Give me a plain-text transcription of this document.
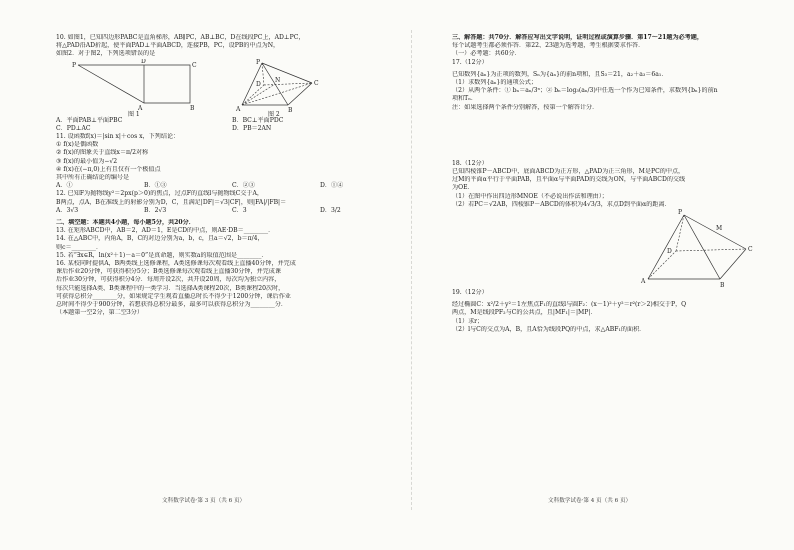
10. 如图1，已知四边形PABC是直角梯形，AB∥PC，AB⊥BC，D在线段PC上，AD⊥PC，
将△PAD沿AD折起，使平面PAD⊥平面ABCD，连接PB，PC，设PB的中点为N，
如图2．对于图2，下列选项错误的是
P
D
C
A	B
图 1
P
D
N	C
A	B
图 2
A．平面PAB⊥平面PBC	B．BC⊥平面PDC
C．PD⊥AC	D．PB＝2AN
11. 设函数f(x)＝|sin x|＋cos x，下列结论：
① f(x)是偶函数
② f(x)的图象关于直线x＝π/2对称
③ f(x)的最小值为−√2
④ f(x)在(−π,0)上有且仅有一个极值点
其中所有正确结论的编号是
A．①	B．①③	C．②③	D．①④
12. 已知F为抛物线y²＝2px(p＞0)的焦点，过点F的直线l与抛物线C交于A，
B两点，点A，B在准线上的射影分别为D，C，且满足|DF|＝√3|CF|，则|FA|/|FB|＝
A．3√3	B．2√3	C．3	D．3/2
二、填空题：本题共4小题，每小题5分，共20分．
13. 在矩形ABCD中，AB＝2，AD＝1，E是CD的中点，则AE·DB＝________．
14. 在△ABC中，内角A，B，C的对边分别为a，b，c，且a＝√2，b＝π/4，
则c＝________．
15. 若“∃x∈R，ln(x²＋1)－a＝0”是真命题，则实数a的取值范围是________．
16. 某校同时提供A，B两类线上选修课程，A类选修课每次观看线上直播40分钟，并完成
课后作业20分钟，可获得积分5分；B类选修课每次观看线上直播30分钟，并完成课
后作业30分钟，可获得积分4分．每周开设2次，共开设20周，每次均为独立内容，
每次只能选择A类、B类课程中的一类学习．当选择A类课程20次，B类课程20次时，
可获得总积分________分，如果规定学生观看直播总时长不得少于1200分钟，课后作业
总时间不得少于900分钟，若想获得总积分最多，最多可以获得总积分为________分．
（本题第一空2分，第二空3分）
文科数学试卷·第 3 页（共 6 页）
三、解答题：共70分．解答应写出文字说明，证明过程或演算步骤．第17～21题为必考题，
每个试题考生都必须作答．第22、23题为选考题，考生根据要求作答．
（一）必考题：共60分．
17.（12分）
已知数列{aₙ}为正项的数列，Sₙ为{aₙ}的前n项和，且S₃＝21，a₂＋a₃＝6a₁．
（1）求数列{aₙ}的通项公式；
（2）从两个条件：① bₙ＝aₙ/3ⁿ；② bₙ＝log₃(aₙ/3)中任选一个作为已知条件，求数列{bₙ}的前n
项和Tₙ．
注：如果选择两个条件分别解答，按第一个解答计分．
18.（12分）
已知四棱锥P－ABCD中，底面ABCD为正方形，△PAD为正三角形，M是PC的中点，
过M的平面α平行于平面PAB，且平面α与平面PAD的交线为ON，与平面ABCD的交线
为OE．
（1）在图中作出四边形MNOE（不必说出作法和理由）；
（2）若PC＝√2AB，四棱锥P－ABCD的体积为4√3/3，求点D到平面α的距离．
P
M
D	C
A
B
19.（12分）
经过椭圆C：x²/2＋y²＝1左焦点F₁的直线l与圆F₂：(x－1)²＋y²＝r²(r＞2)相交于P，Q
两点，M是线段PF₂与C的公共点，且|MF₁|＝|MP|．
（1）求r；
（2）l与C的交点为A，B，且A恰为线段PQ的中点，求△ABF₁的面积．
文科数学试卷·第 4 页（共 6 页）
